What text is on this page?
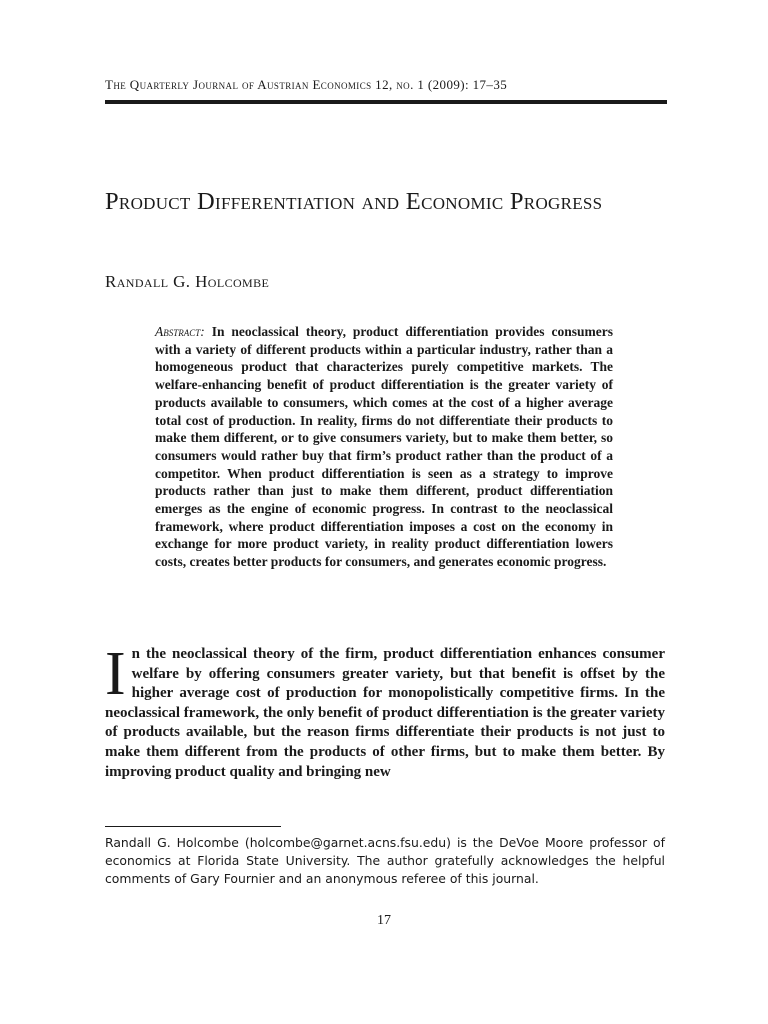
The Quarterly Journal of Austrian Economics 12, no. 1 (2009): 17–35
Product Differentiation and Economic Progress
Randall G. Holcombe

Abstract: In neoclassical theory, product differentiation provides consumers with a variety of different products within a particular industry, rather than a homogeneous product that characterizes purely competitive markets. The welfare-enhancing benefit of product differentiation is the greater variety of products available to consumers, which comes at the cost of a higher average total cost of production. In reality, firms do not differentiate their products to make them different, or to give consumers variety, but to make them better, so consumers would rather buy that firm’s product rather than the product of a competitor. When product differentiation is seen as a strategy to improve products rather than just to make them different, product differentiation emerges as the engine of economic progress. In contrast to the neoclassical framework, where product differentiation imposes a cost on the economy in exchange for more product variety, in reality product differentiation lowers costs, creates better products for consumers, and generates economic progress.

In the neoclassical theory of the firm, product differentiation enhances consumer welfare by offering consumers greater variety, but that benefit is offset by the higher average cost of production for monopolistically competitive firms. In the neoclassical framework, the only benefit of product differentiation is the greater variety of products available, but the reason firms differentiate their products is not just to make them different from the products of other firms, but to make them better. By improving product quality and bringing new

Randall G. Holcombe (holcombe@garnet.acns.fsu.edu) is the DeVoe Moore professor of economics at Florida State University. The author gratefully acknowledges the helpful comments of Gary Fournier and an anonymous referee of this journal.

17
